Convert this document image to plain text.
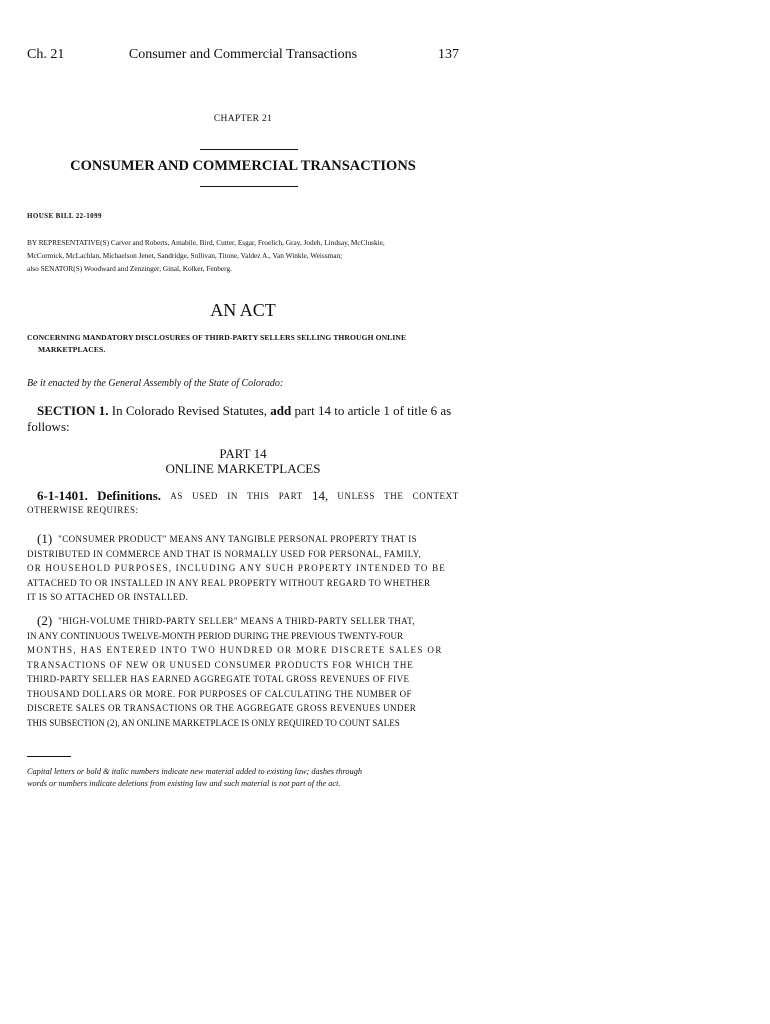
Ch. 21	Consumer and Commercial Transactions	137
CHAPTER 21
CONSUMER AND COMMERCIAL TRANSACTIONS
HOUSE BILL 22-1099
BY REPRESENTATIVE(S) Carver and Roberts, Amabile, Bird, Cutter, Esgar, Froelich, Gray, Jodeh, Lindsay, McCluskie,
McCormick, McLachlan, Michaelson Jenet, Sandridge, Sullivan, Titone, Valdez A., Van Winkle, Weissman;
also SENATOR(S) Woodward and Zenzinger, Ginal, Kolker, Fenberg.
AN ACT
CONCERNING MANDATORY DISCLOSURES OF THIRD-PARTY SELLERS SELLING THROUGH ONLINE
MARKETPLACES.
Be it enacted by the General Assembly of the State of Colorado:
SECTION 1. In Colorado Revised Statutes, add part 14 to article 1 of title 6 as
follows:
PART 14
ONLINE MARKETPLACES
6-1-1401. Definitions. AS USED IN THIS PART 14, UNLESS THE CONTEXT
OTHERWISE REQUIRES:
(1) "CONSUMER PRODUCT" MEANS ANY TANGIBLE PERSONAL PROPERTY THAT IS
DISTRIBUTED IN COMMERCE AND THAT IS NORMALLY USED FOR PERSONAL, FAMILY,
OR HOUSEHOLD PURPOSES, INCLUDING ANY SUCH PROPERTY INTENDED TO BE
ATTACHED TO OR INSTALLED IN ANY REAL PROPERTY WITHOUT REGARD TO WHETHER
IT IS SO ATTACHED OR INSTALLED.
(2) "HIGH-VOLUME THIRD-PARTY SELLER" MEANS A THIRD-PARTY SELLER THAT,
IN ANY CONTINUOUS TWELVE-MONTH PERIOD DURING THE PREVIOUS TWENTY-FOUR
MONTHS, HAS ENTERED INTO TWO HUNDRED OR MORE DISCRETE SALES OR
TRANSACTIONS OF NEW OR UNUSED CONSUMER PRODUCTS FOR WHICH THE
THIRD-PARTY SELLER HAS EARNED AGGREGATE TOTAL GROSS REVENUES OF FIVE
THOUSAND DOLLARS OR MORE. FOR PURPOSES OF CALCULATING THE NUMBER OF
DISCRETE SALES OR TRANSACTIONS OR THE AGGREGATE GROSS REVENUES UNDER
THIS SUBSECTION (2), AN ONLINE MARKETPLACE IS ONLY REQUIRED TO COUNT SALES
Capital letters or bold & italic numbers indicate new material added to existing law; dashes through
words or numbers indicate deletions from existing law and such material is not part of the act.
